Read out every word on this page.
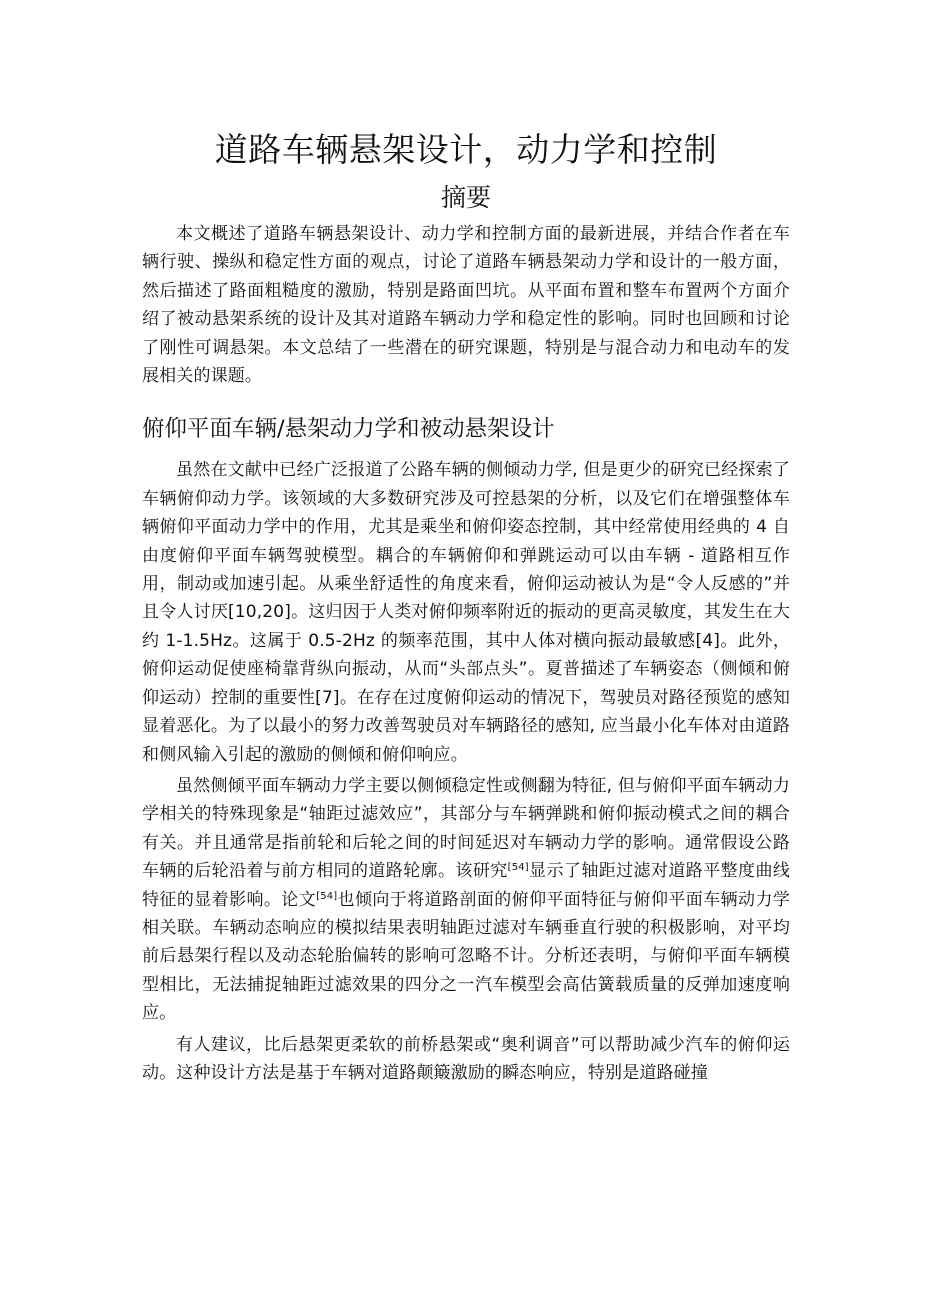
道路车辆悬架设计，动力学和控制
摘要

本文概述了道路车辆悬架设计、动力学和控制方面的最新进展，并结合作者在车辆行驶、操纵和稳定性方面的观点，讨论了道路车辆悬架动力学和设计的一般方面，然后描述了路面粗糙度的激励，特别是路面凹坑。从平面布置和整车布置两个方面介绍了被动悬架系统的设计及其对道路车辆动力学和稳定性的影响。同时也回顾和讨论了刚性可调悬架。本文总结了一些潜在的研究课题，特别是与混合动力和电动车的发展相关的课题。

俯仰平面车辆/悬架动力学和被动悬架设计

虽然在文献中已经广泛报道了公路车辆的侧倾动力学, 但是更少的研究已经探索了车辆俯仰动力学。该领域的大多数研究涉及可控悬架的分析，以及它们在增强整体车辆俯仰平面动力学中的作用，尤其是乘坐和俯仰姿态控制，其中经常使用经典的 4 自由度俯仰平面车辆驾驶模型。耦合的车辆俯仰和弹跳运动可以由车辆 - 道路相互作用，制动或加速引起。从乘坐舒适性的角度来看，俯仰运动被认为是“令人反感的”并且令人讨厌[10,20]。这归因于人类对俯仰频率附近的振动的更高灵敏度，其发生在大约 1-1.5Hz。这属于 0.5-2Hz 的频率范围，其中人体对横向振动最敏感[4]。此外，俯仰运动促使座椅靠背纵向振动，从而“头部点头”。夏普描述了车辆姿态（侧倾和俯仰运动）控制的重要性[7]。在存在过度俯仰运动的情况下，驾驶员对路径预览的感知显着恶化。为了以最小的努力改善驾驶员对车辆路径的感知, 应当最小化车体对由道路和侧风输入引起的激励的侧倾和俯仰响应。

虽然侧倾平面车辆动力学主要以侧倾稳定性或侧翻为特征, 但与俯仰平面车辆动力学相关的特殊现象是“轴距过滤效应”，其部分与车辆弹跳和俯仰振动模式之间的耦合有关。并且通常是指前轮和后轮之间的时间延迟对车辆动力学的影响。通常假设公路车辆的后轮沿着与前方相同的道路轮廓。该研究[54]显示了轴距过滤对道路平整度曲线特征的显着影响。论文[54]也倾向于将道路剖面的俯仰平面特征与俯仰平面车辆动力学相关联。车辆动态响应的模拟结果表明轴距过滤对车辆垂直行驶的积极影响，对平均前后悬架行程以及动态轮胎偏转的影响可忽略不计。分析还表明，与俯仰平面车辆模型相比，无法捕捉轴距过滤效果的四分之一汽车模型会高估簧载质量的反弹加速度响应。

有人建议，比后悬架更柔软的前桥悬架或“奥利调音”可以帮助减少汽车的俯仰运动。这种设计方法是基于车辆对道路颠簸激励的瞬态响应，特别是道路碰撞
